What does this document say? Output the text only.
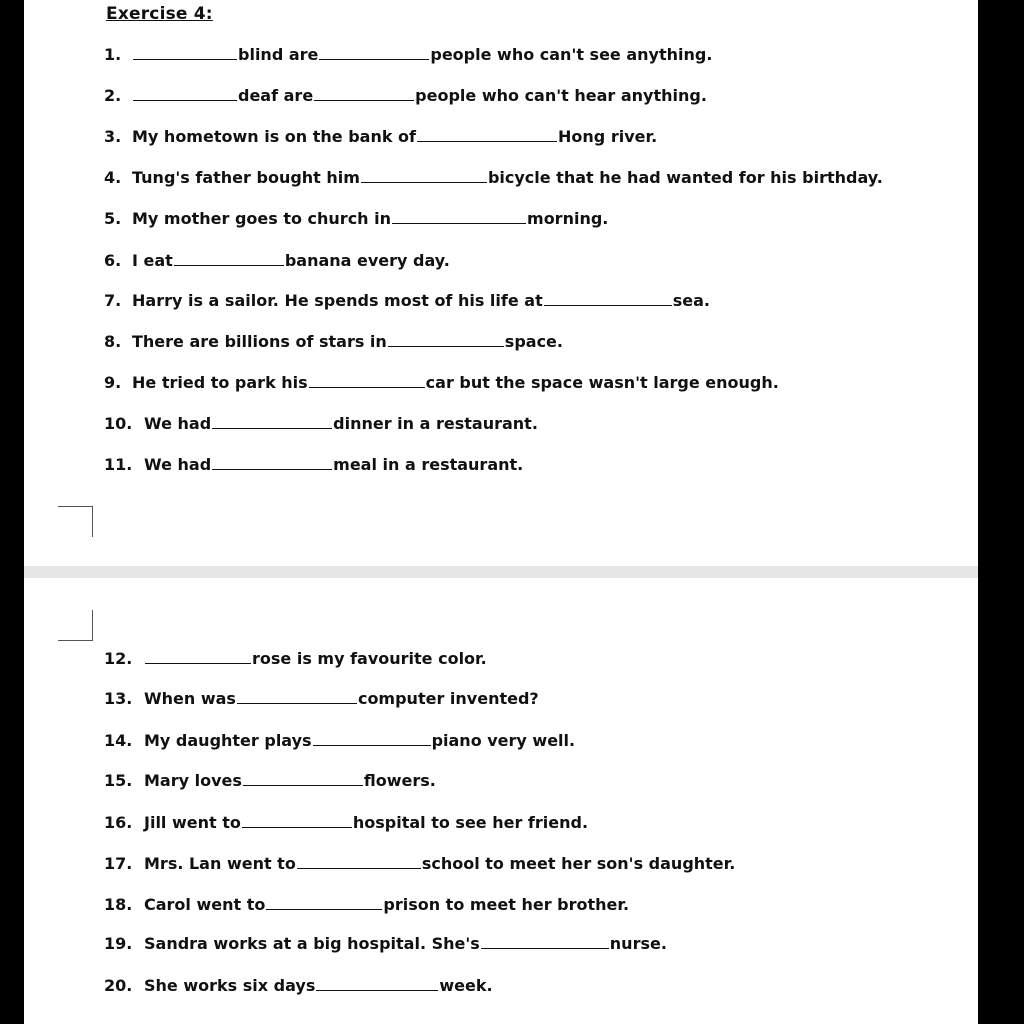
Exercise 4:
1.	blind are	people who can't see anything.
2.	deaf are	people who can't hear anything.
3. My hometown is on the bank of	Hong river.
4. Tung's father bought him	bicycle that he had wanted for his birthday.
5. My mother goes to church in	morning.
6. I eat	banana every day.
7. Harry is a sailor. He spends most of his life at	sea.
8. There are billions of stars in	space.
9. He tried to park his	car but the space wasn't large enough.
10. We had	dinner in a restaurant.
11. We had	meal in a restaurant.
12.	rose is my favourite color.
13. When was	computer invented?
14. My daughter plays	piano very well.
15. Mary loves	flowers.
16. Jill went to	hospital to see her friend.
17. Mrs. Lan went to	school to meet her son's daughter.
18. Carol went to	prison to meet her brother.
19. Sandra works at a big hospital. She's	nurse.
20. She works six days	week.
